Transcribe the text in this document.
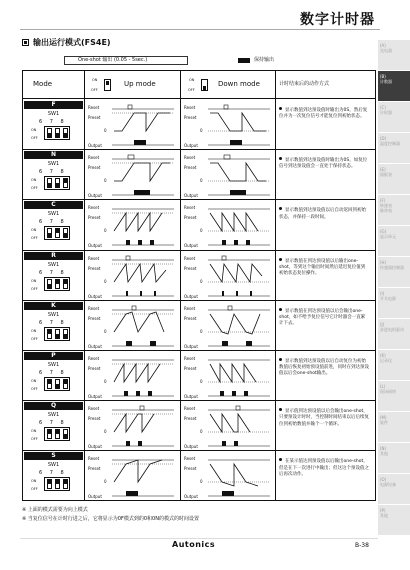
数字计时器
输出运行模式(FS4E)
One-shot 输出 (0.05 - 5sec.)	保持输出
Mode	ON
OFF
Up mode	ON
OFF
Down mode	计时结束后的动作方式
F
SW1
6 7 8
ON
OFF
Reset
Preset
0
Output
Reset
Preset
0
Output
显示数值到达预设值时输出为0S，然后复位并为一次复位信号才能复位到初始状态。
N
SW1
6 7 8
ON
OFF
Reset
Preset
0
Output
Reset
Preset
0
Output
显示数值到达预设值时输出为0S，如复位信号到达预设值会一直处于保持状态。
C
SW1
6 7 8
ON
OFF
Reset
Preset
0
Output
Reset
Preset
0
Output
显示数值到达预设值以后自动返回到初始状态，并保持一段时间。
R
SW1
6 7 8
ON
OFF
Reset
Preset
0
Output
Reset
Preset
0
Output
显示数值在到达预设值以后输出one-shot，等到这个输出时间然后延迟复位值到初始状态复位操作。
K
SW1
6 7 8
ON
OFF
Reset
Preset
0
Output
Reset
Preset
0
Output
显示数值在到达预设值以后会输出one-shot，如不给予复位信号它计时器会一直累计下去。
P
SW1
6 7 8
ON
OFF
Reset
Preset
0
Output
Reset
Preset
0
Output
显示数值到达预设值以后自动复位为初始数值后恢复初始预设值前进，同时在到达预设值以后会one-shot输出。
Q
SW1
6 7 8
ON
OFF
Reset
Preset
0
Output
Reset
Preset
0
Output
显示值到达预设值以后会输出one-shot，只要预设计时时，当控制时间结束以后后续复位到初始数值并输个一个循环。
S
SW1
6 7 8
ON
OFF
Reset
Preset
0
Output
Reset
Preset
0
Output
在某示值达到预设值以后输出one-shot，但是在下一次进行中输出；但这这个预设值之后再次动作。
※ 上面的模式需要为向上模式
※ 当复位信号在计时行进之后，它将显示为0F模式到的0和0N的模式的时间设置
(A)
光电器
(B)
计数器
(C)
计时器
(D)
温度控制器
(E)
面板表
(F)
转速表
脉冲表
(G)
显示单元
(H)
传感器控制器
(I)
开关电源
(J)
步进电机驱动
(K)
记录仪
(L)
现场网络
(M)
软件
(N)
其他
(O)
电源设备
(P)
其他
Autonics	B-38
